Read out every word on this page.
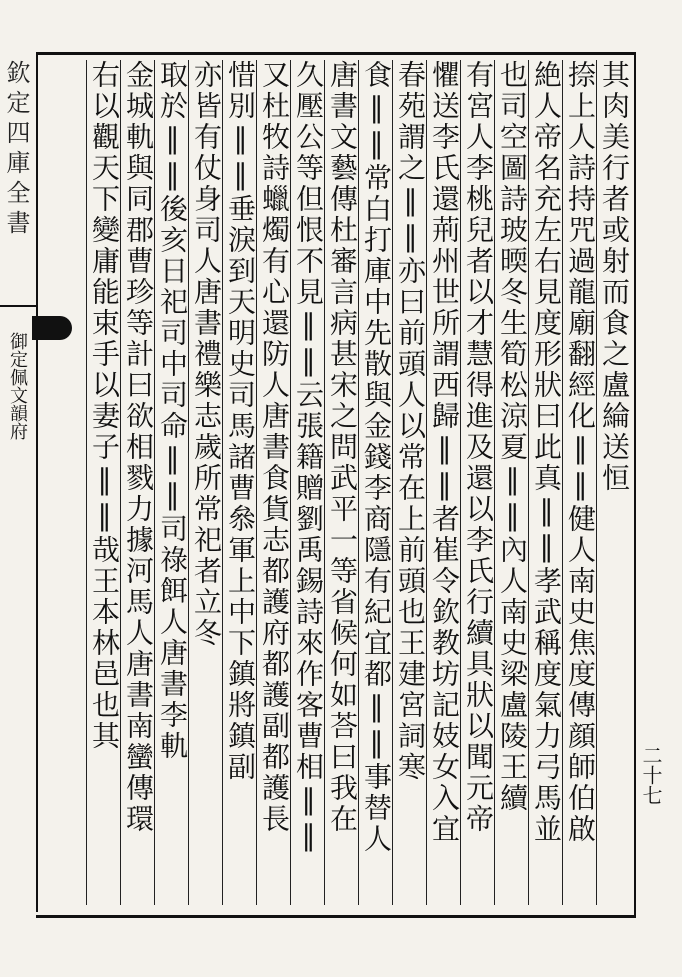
欽定四庫全書
御定佩文韻府
二十七
其肉美行者或射而食之盧綸送恒
捺上人詩持咒過龍廟翻經化‖‖健人南史焦度傳顔師伯啟
絶人帝名充左右見度形狀曰此真‖‖孝武稱度氣力弓馬並
也司空圖詩玻㬉冬生筍松涼夏‖‖內人南史梁盧陵王續
有宮人李桃兒者以才慧得進及還以李氏行續具狀以聞元帝
懼送李氏還荊州世所謂西歸‖‖者崔令欽教坊記妓女入宜
春苑謂之‖‖亦曰前頭人以常在上前頭也王建宮詞寒
食‖‖常白打庫中先散與金錢李商隱有紀宜都‖‖事替人
唐書文藝傳杜審言病甚宋之問武平一等省候何如荅曰我在
久壓公等但恨不見‖‖云張籍贈劉禹錫詩來作客曹相‖‖
又杜牧詩蠟燭有心還防人唐書食貨志都護府都護副都護長
惜別‖‖垂淚到天明史司馬諸曹叅軍上中下鎮將鎮副
亦皆有仗身司人唐書禮樂志歲所常祀者立冬
取於‖‖後亥日祀司中司命‖‖司祿餌人唐書李軌
金城軌與同郡曹珍等計曰欲相戮力據河馬人唐書南蠻傳環
右以觀天下變庸能束手以妻子‖‖哉王本林邑也其
